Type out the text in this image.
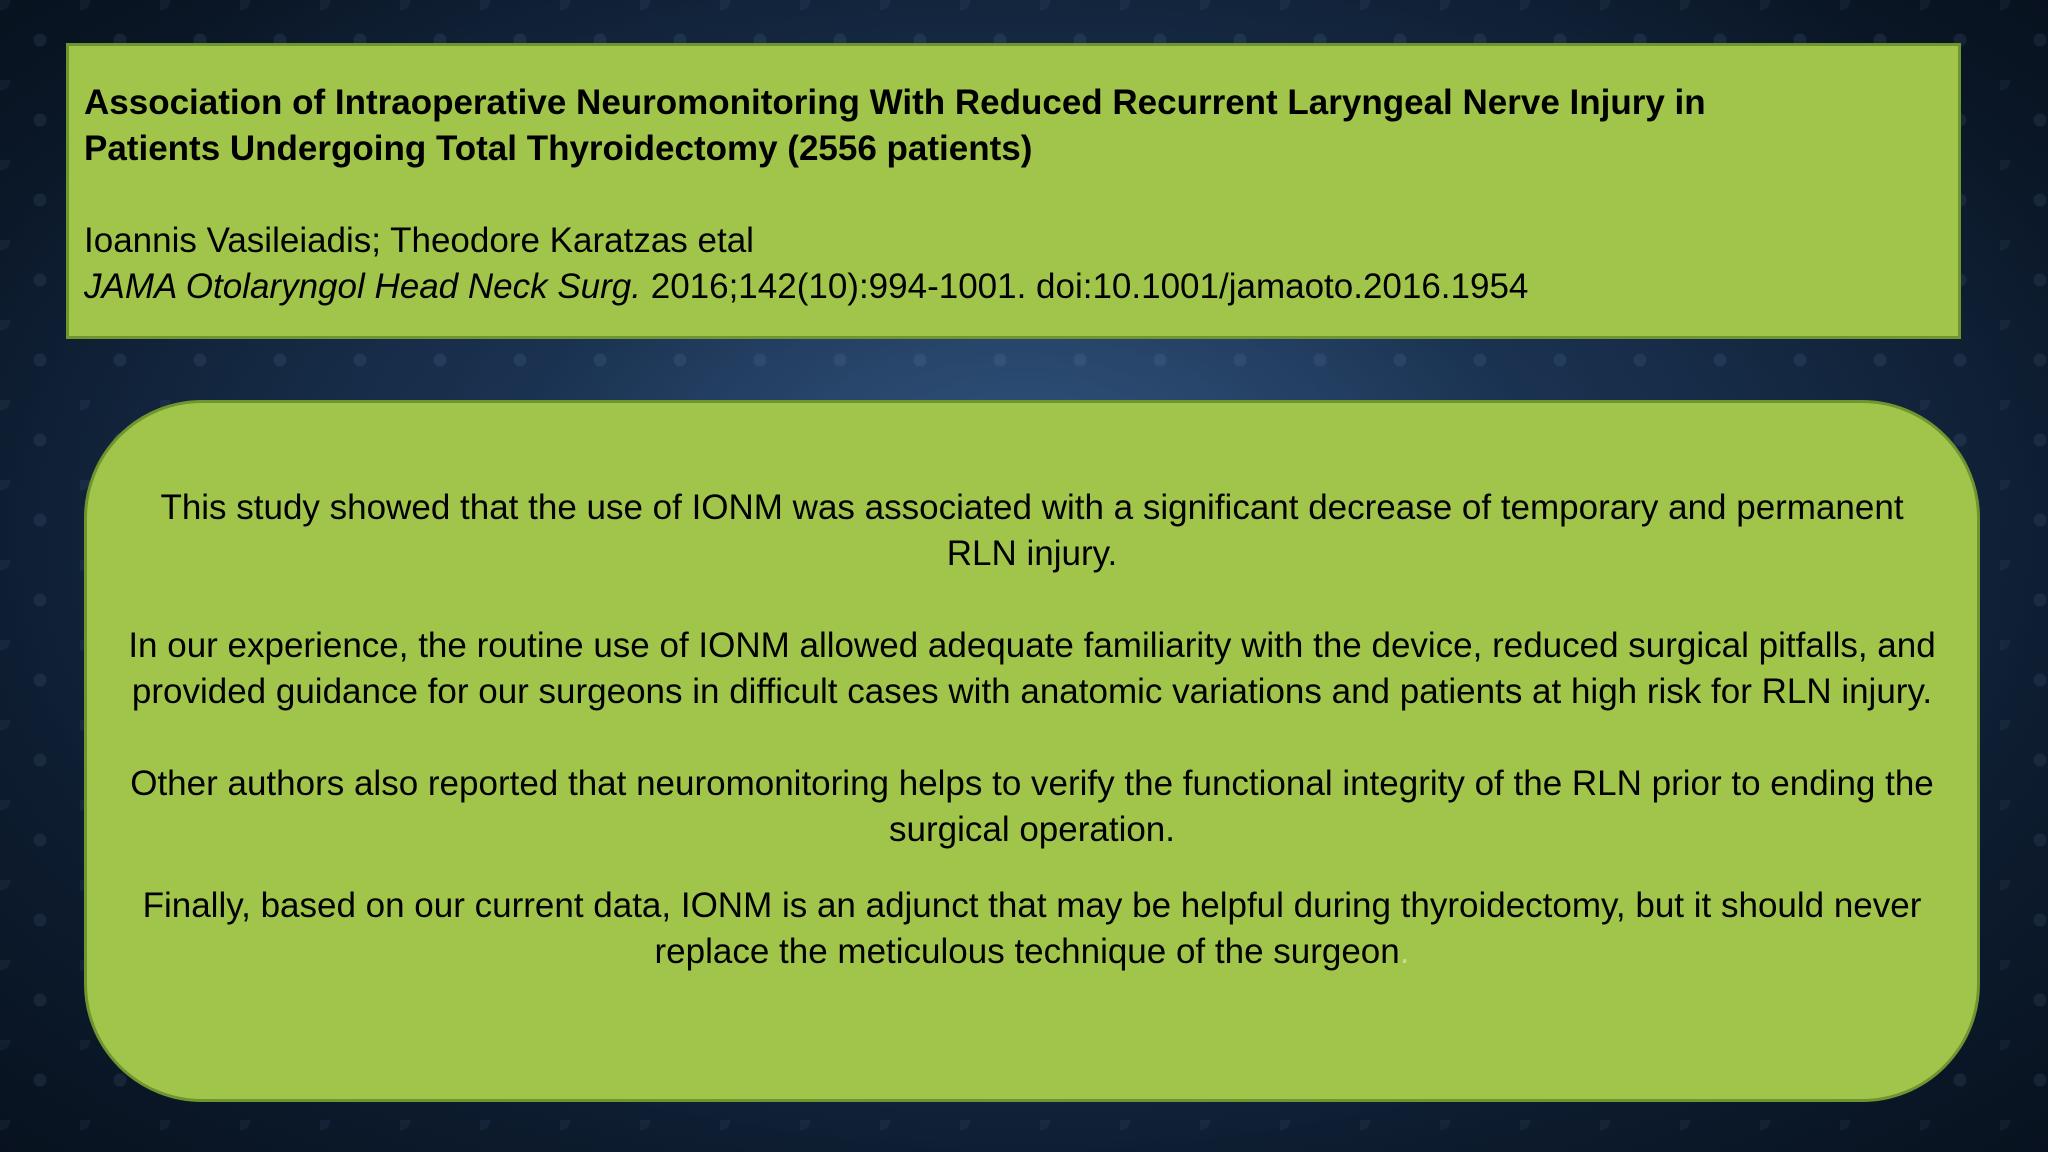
Association of Intraoperative Neuromonitoring With Reduced Recurrent Laryngeal Nerve Injury in
Patients Undergoing Total Thyroidectomy (2556 patients)

Ioannis Vasileiadis; Theodore Karatzas etal

JAMA Otolaryngol Head Neck Surg. 2016;142(10):994-1001. doi:10.1001/jamaoto.2016.1954

This study showed that the use of IONM was associated with a significant decrease of temporary and permanent RLN injury.

In our experience, the routine use of IONM allowed adequate familiarity with the device, reduced surgical pitfalls, and provided guidance for our surgeons in difficult cases with anatomic variations and patients at high risk for RLN injury.

Other authors also reported that neuromonitoring helps to verify the functional integrity of the RLN prior to ending the surgical operation.

Finally, based on our current data, IONM is an adjunct that may be helpful during thyroidectomy, but it should never replace the meticulous technique of the surgeon.
